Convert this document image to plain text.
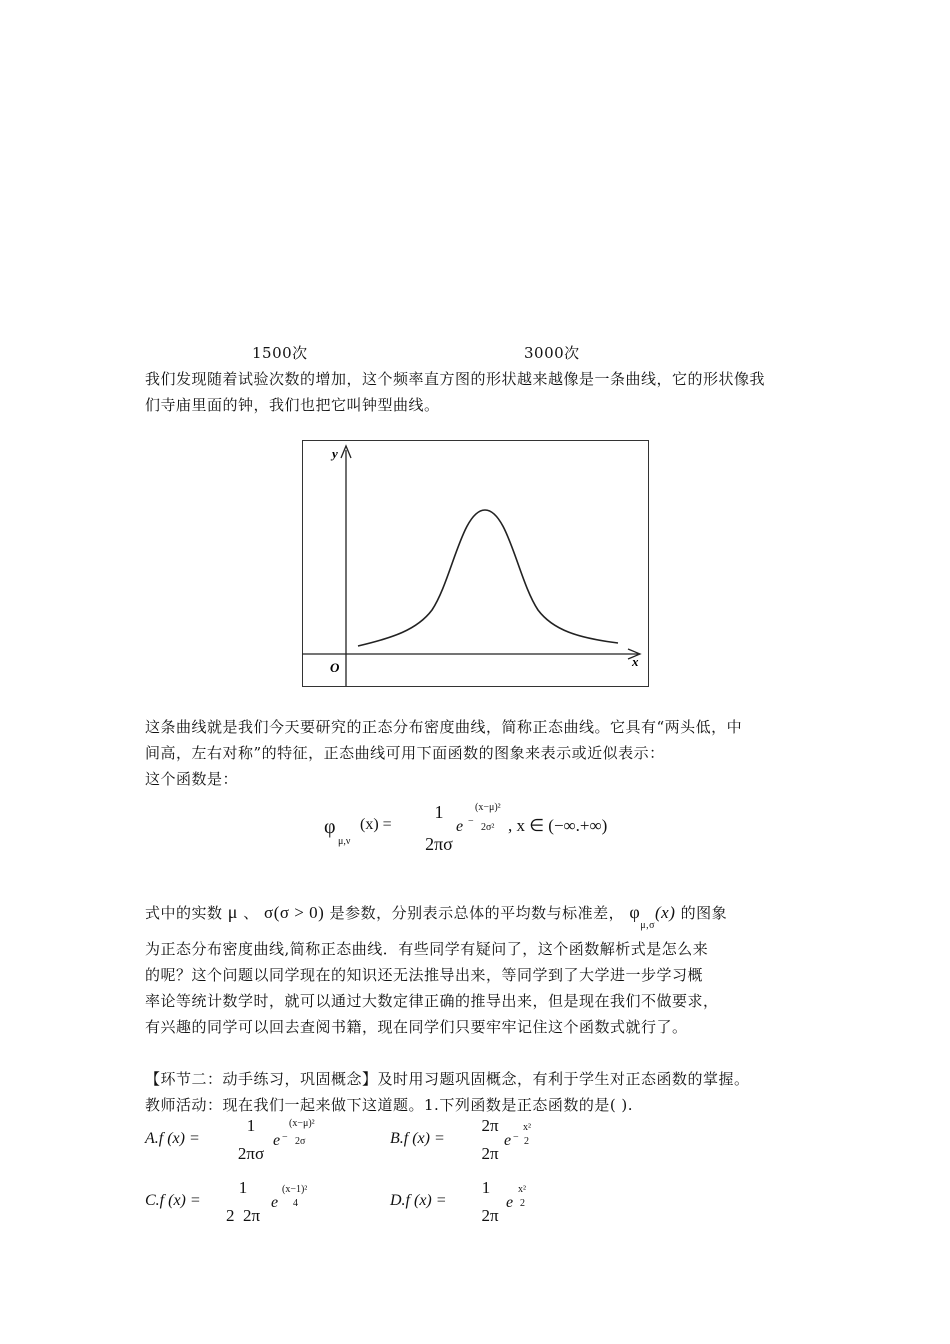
1500次	3000次
我们发现随着试验次数的增加，这个频率直方图的形状越来越像是一条曲线，它的形状像我
们寺庙里面的钟，我们也把它叫钟型曲线。
y
x
O
这条曲线就是我们今天要研究的正态分布密度曲线，简称正态曲线。它具有“两头低，中
间高，左右对称”的特征，正态曲线可用下面函数的图象来表示或近似表示：
这个函数是：
φ
μ,ν
(x) =
1
2πσ
e −
(x−μ)²
2σ² , x ∈ (−∞.+∞)
式中的实数 μ 、 σ(σ > 0) 是参数，分别表示总体的平均数与标准差， $\varphi_{\mu,\sigma}(x)$ 的图象
为正态分布密度曲线,简称正态曲线．有些同学有疑问了，这个函数解析式是怎么来
的呢？这个问题以同学现在的知识还无法推导出来，等同学到了大学进一步学习概
率论等统计数学时，就可以通过大数定律正确的推导出来，但是现在我们不做要求，
有兴趣的同学可以回去查阅书籍，现在同学们只要牢牢记住这个函数式就行了。
【环节二：动手练习，巩固概念】及时用习题巩固概念，有利于学生对正态函数的掌握。
教师活动：现在我们一起来做下这道题。1.下列函数是正态函数的是( ).
A.f (x) =
1
2πσ
e −
(x−μ)²
2σ	B.f (x) =
2π
2π
e −
x²
2
C.f (x) =
1
2  2π
e
(x−1)²
4	D.f (x) =
1
2π
e
x²
2
